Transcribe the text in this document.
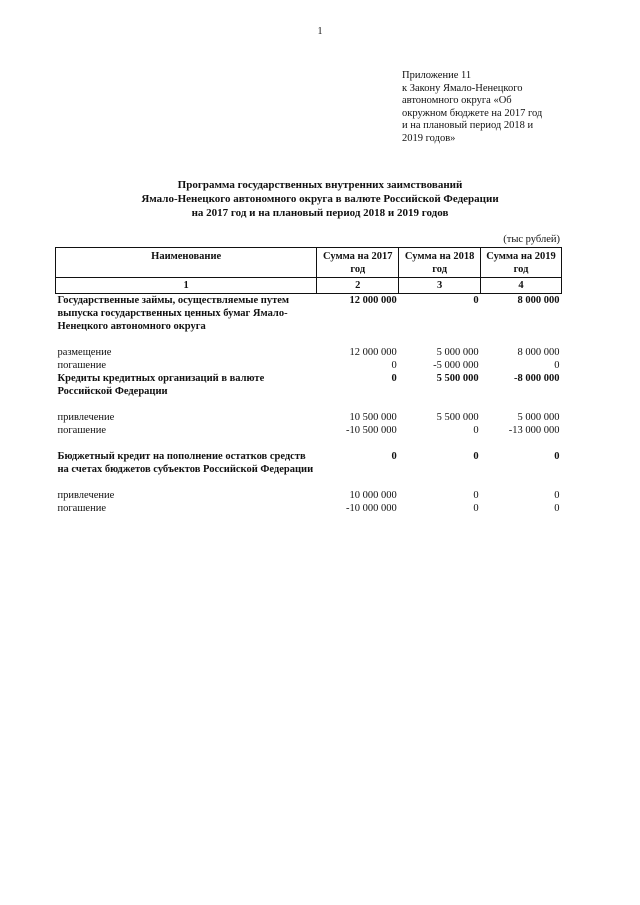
1
Приложение 11
к Закону Ямало-Ненецкого
автономного округа «Об
окружном бюджете на 2017 год
и на плановый период 2018 и
2019 годов»
Программа государственных внутренних заимствований
Ямало-Ненецкого автономного округа в валюте Российской Федерации
на 2017 год и на плановый период 2018 и 2019 годов
(тыс рублей)
Наименование	Сумма на 2017 год	Сумма на 2018 год	Сумма на 2019 год
1	2	3	4
Государственные займы, осуществляемые путем выпуска государственных ценных бумаг Ямало-Ненецкого автономного округа	12 000 000	0	8 000 000

размещение	12 000 000	5 000 000	8 000 000
погашение	0	-5 000 000	0
Кредиты кредитных организаций в валюте Российской Федерации	0	5 500 000	-8 000 000

привлечение	10 500 000	5 500 000	5 000 000
погашение	-10 500 000	0	-13 000 000

Бюджетный кредит на пополнение остатков средств на счетах бюджетов субъектов Российской Федерации	0	0	0

привлечение	10 000 000	0	0
погашение	-10 000 000	0	0
